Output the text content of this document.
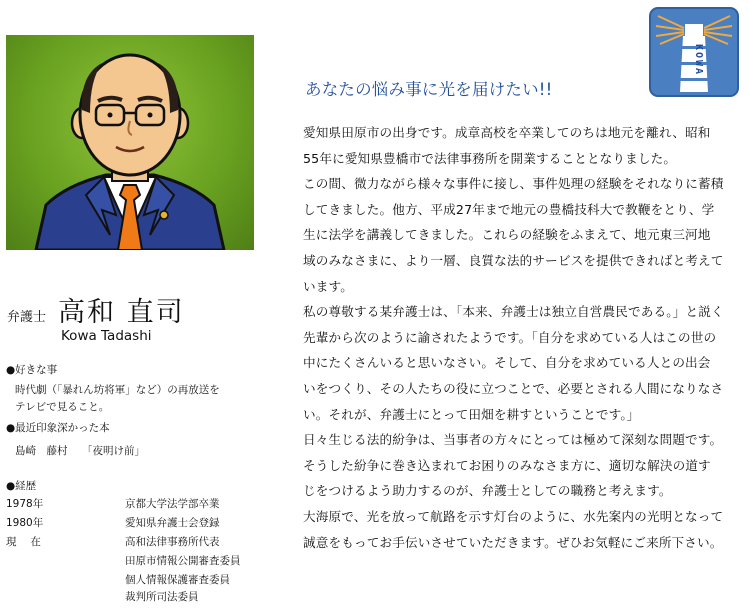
KOWA
弁護士 高和 直司
Kowa Tadashi
●好きな事
時代劇（「暴れん坊将軍」など）の再放送を
テレビで見ること。
●最近印象深かった本
島崎　藤村 「夜明け前」
●経歴
1978年	京都大学法学部卒業
1980年	愛知県弁護士会登録
現　 在	高和法律事務所代表
田原市情報公開審査委員
個人情報保護審査委員
裁判所司法委員
あなたの悩み事に光を届けたい!!

愛知県田原市の出身です。成章高校を卒業してのちは地元を離れ、昭和

55年に愛知県豊橋市で法律事務所を開業することとなりました。

この間、微力ながら様々な事件に接し、事件処理の経験をそれなりに蓄積

してきました。他方、平成27年まで地元の豊橋技科大で教鞭をとり、学

生に法学を講義してきました。これらの経験をふまえて、地元東三河地

域のみなさまに、より一層、良質な法的サービスを提供できればと考えて

います。

私の尊敬する某弁護士は、「本来、弁護士は独立自営農民である。」と説く

先輩から次のように諭されたようです。「自分を求めている人はこの世の

中にたくさんいると思いなさい。そして、自分を求めている人との出会

いをつくり、その人たちの役に立つことで、必要とされる人間になりなさ

い。それが、弁護士にとって田畑を耕すということです。」

日々生じる法的紛争は、当事者の方々にとっては極めて深刻な問題です。

そうした紛争に巻き込まれてお困りのみなさま方に、適切な解決の道す

じをつけるよう助力するのが、弁護士としての職務と考えます。

大海原で、光を放って航路を示す灯台のように、水先案内の光明となって

誠意をもってお手伝いさせていただきます。ぜひお気軽にご来所下さい。
